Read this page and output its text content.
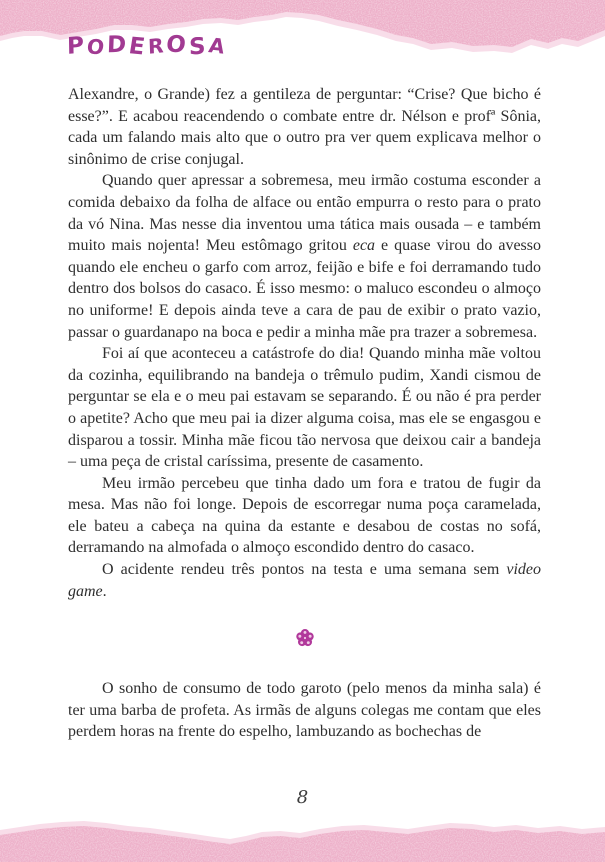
PODEROSA

Alexandre, o Grande) fez a gentileza de perguntar: “Crise? Que bicho é esse?”. E acabou reacendendo o combate entre dr. Nélson e profª Sônia, cada um falando mais alto que o outro pra ver quem explicava melhor o sinônimo de crise conjugal.

Quando quer apressar a sobremesa, meu irmão costuma esconder a comida debaixo da folha de alface ou então empurra o resto para o prato da vó Nina. Mas nesse dia inventou uma tática mais ousada – e também muito mais nojenta! Meu estômago gritou eca e quase virou do avesso quando ele encheu o garfo com arroz, feijão e bife e foi derramando tudo dentro dos bolsos do casaco. É isso mesmo: o maluco escondeu o almoço no uniforme! E depois ainda teve a cara de pau de exibir o prato vazio, passar o guardanapo na boca e pedir a minha mãe pra trazer a sobremesa.

Foi aí que aconteceu a catástrofe do dia! Quando minha mãe voltou da cozinha, equilibrando na bandeja o trêmulo pudim, Xandi cismou de perguntar se ela e o meu pai estavam se separando. É ou não é pra perder o apetite? Acho que meu pai ia dizer alguma coisa, mas ele se engasgou e disparou a tossir. Minha mãe ficou tão nervosa que deixou cair a bandeja – uma peça de cristal caríssima, presente de casamento.

Meu irmão percebeu que tinha dado um fora e tratou de fugir da mesa. Mas não foi longe. Depois de escorregar numa poça caramelada, ele bateu a cabeça na quina da estante e desabou de costas no sofá, derramando na almofada o almoço escondido dentro do casaco.

O acidente rendeu três pontos na testa e uma semana sem video game.

O sonho de consumo de todo garoto (pelo menos da minha sala) é ter uma barba de profeta. As irmãs de alguns colegas me contam que eles perdem horas na frente do espelho, lambuzando as bochechas de

8
